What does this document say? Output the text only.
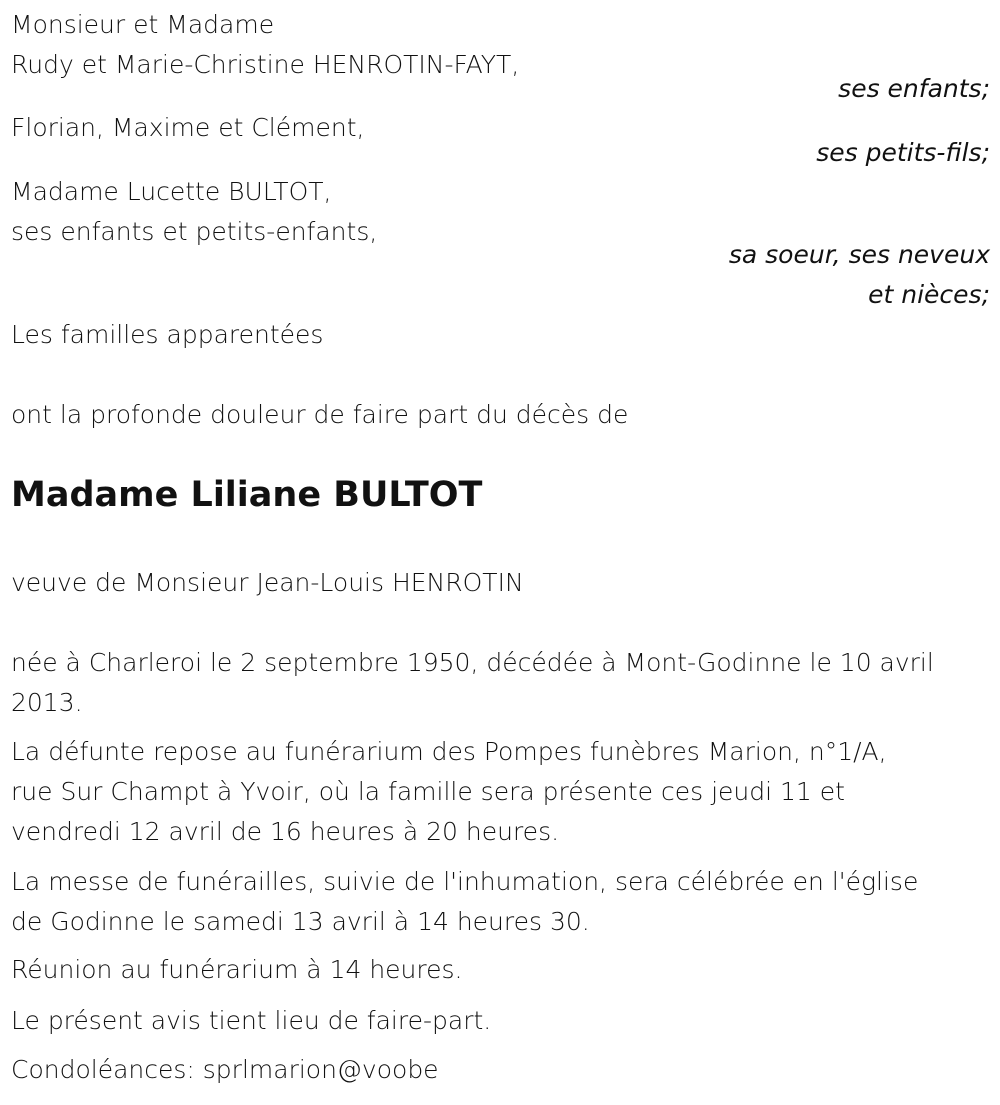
Monsieur et Madame
Rudy et Marie-Christine HENROTIN-FAYT,
ses enfants;
Florian, Maxime et Clément,
ses petits-fils;
Madame Lucette BULTOT,
ses enfants et petits-enfants,
sa soeur, ses neveux
et nièces;
Les familles apparentées
ont la profonde douleur de faire part du décès de
Madame Liliane BULTOT
veuve de Monsieur Jean-Louis HENROTIN
née à Charleroi le 2 septembre 1950, décédée à Mont-Godinne le 10 avril
2013.
La défunte repose au funérarium des Pompes funèbres Marion, n°1/A,
rue Sur Champt à Yvoir, où la famille sera présente ces jeudi 11 et
vendredi 12 avril de 16 heures à 20 heures.
La messe de funérailles, suivie de l'inhumation, sera célébrée en l'église
de Godinne le samedi 13 avril à 14 heures 30.
Réunion au funérarium à 14 heures.
Le présent avis tient lieu de faire-part.
Condoléances: sprlmarion@voobe
